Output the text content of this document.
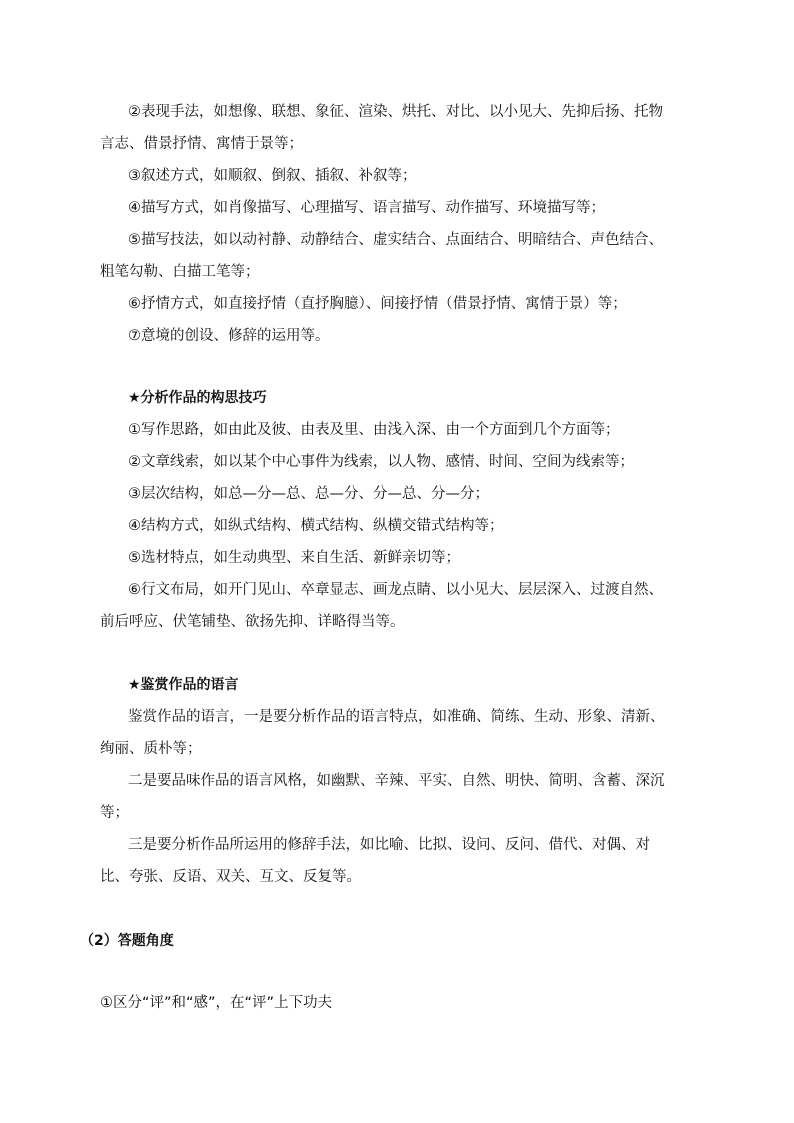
②表现手法，如想像、联想、象征、渲染、烘托、对比、以小见大、先抑后扬、托物
言志、借景抒情、寓情于景等；
③叙述方式，如顺叙、倒叙、插叙、补叙等；
④描写方式，如肖像描写、心理描写、语言描写、动作描写、环境描写等；
⑤描写技法，如以动衬静、动静结合、虚实结合、点面结合、明暗结合、声色结合、
粗笔勾勒、白描工笔等；
⑥抒情方式，如直接抒情（直抒胸臆）、间接抒情（借景抒情、寓情于景）等；
⑦意境的创设、修辞的运用等。
★分析作品的构思技巧
①写作思路，如由此及彼、由表及里、由浅入深、由一个方面到几个方面等；
②文章线索，如以某个中心事件为线索，以人物、感情、时间、空间为线索等；
③层次结构，如总—分—总、总—分、分—总、分—分；
④结构方式，如纵式结构、横式结构、纵横交错式结构等；
⑤选材特点，如生动典型、来自生活、新鲜亲切等；
⑥行文布局，如开门见山、卒章显志、画龙点睛、以小见大、层层深入、过渡自然、
前后呼应、伏笔铺垫、欲扬先抑、详略得当等。
★鉴赏作品的语言
鉴赏作品的语言，一是要分析作品的语言特点，如准确、简练、生动、形象、清新、
绚丽、质朴等；
二是要品味作品的语言风格，如幽默、辛辣、平实、自然、明快、简明、含蓄、深沉
等；
三是要分析作品所运用的修辞手法，如比喻、比拟、设问、反问、借代、对偶、对
比、夸张、反语、双关、互文、反复等。
（2）答题角度
①区分“评”和“感”，在“评”上下功夫
